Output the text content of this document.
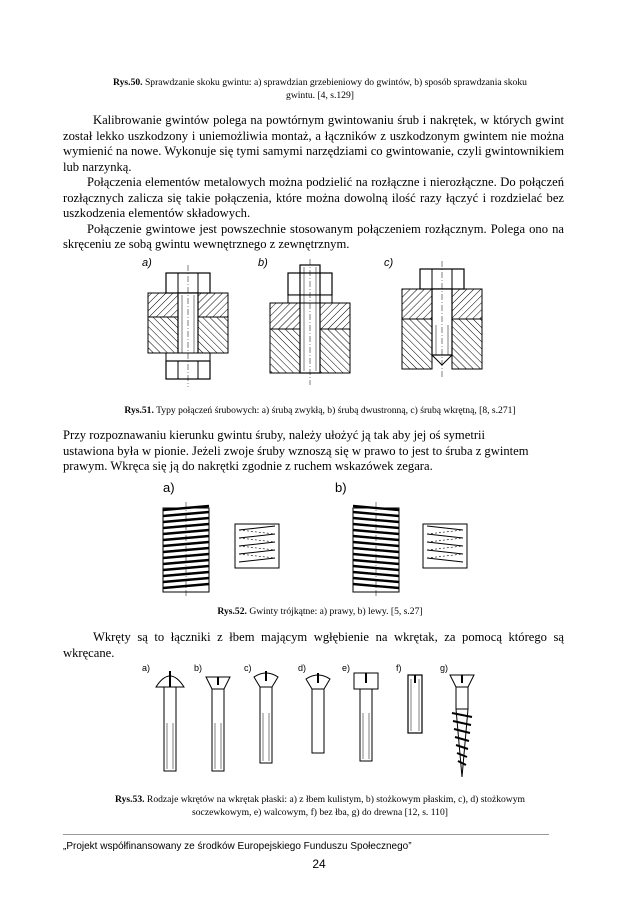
Rys.50. Sprawdzanie skoku gwintu: a) sprawdzian grzebieniowy do gwintów, b) sposób sprawdzania skoku
gwintu. [4, s.129]

Kalibrowanie gwintów polega na powtórnym gwintowaniu śrub i nakrętek, w których gwint został lekko uszkodzony i uniemożliwia montaż, a łączników z uszkodzonym gwintem nie można wymienić na nowe. Wykonuje się tymi samymi narzędziami co gwintowanie, czyli gwintownikiem lub narzynką.

Połączenia elementów metalowych można podzielić na rozłączne i nierozłączne. Do połączeń rozłącznych zalicza się takie połączenia, które można dowolną ilość razy łączyć i rozdzielać bez uszkodzenia elementów składowych.

Połączenie gwintowe jest powszechnie stosowanym połączeniem rozłącznym. Polega ono na skręceniu ze sobą gwintu wewnętrznego z zewnętrznym.

a)	b)	c)
Rys.51. Typy połączeń śrubowych: a) śrubą zwykłą, b) śrubą dwustronną, c) śrubą wkrętną, [8, s.271]

Przy rozpoznawaniu kierunku gwintu śruby, należy ułożyć ją tak aby jej oś symetrii ustawiona była w pionie. Jeżeli zwoje śruby wznoszą się w prawo to jest to śruba z gwintem prawym. Wkręca się ją do nakrętki zgodnie z ruchem wskazówek zegara.

a)	b)
Rys.52. Gwinty trójkątne: a) prawy, b) lewy. [5, s.27]

Wkręty są to łączniki z łbem mającym wgłębienie na wkrętak, za pomocą którego są wkręcane.

a)	b)	c)	d)	e)	f)	g)
Rys.53. Rodzaje wkrętów na wkrętak płaski: a) z łbem kulistym, b) stożkowym płaskim, c), d) stożkowym
soczewkowym, e) walcowym, f) bez łba, g) do drewna [12, s. 110]
„Projekt współfinansowany ze środków Europejskiego Funduszu Społecznego”
24
